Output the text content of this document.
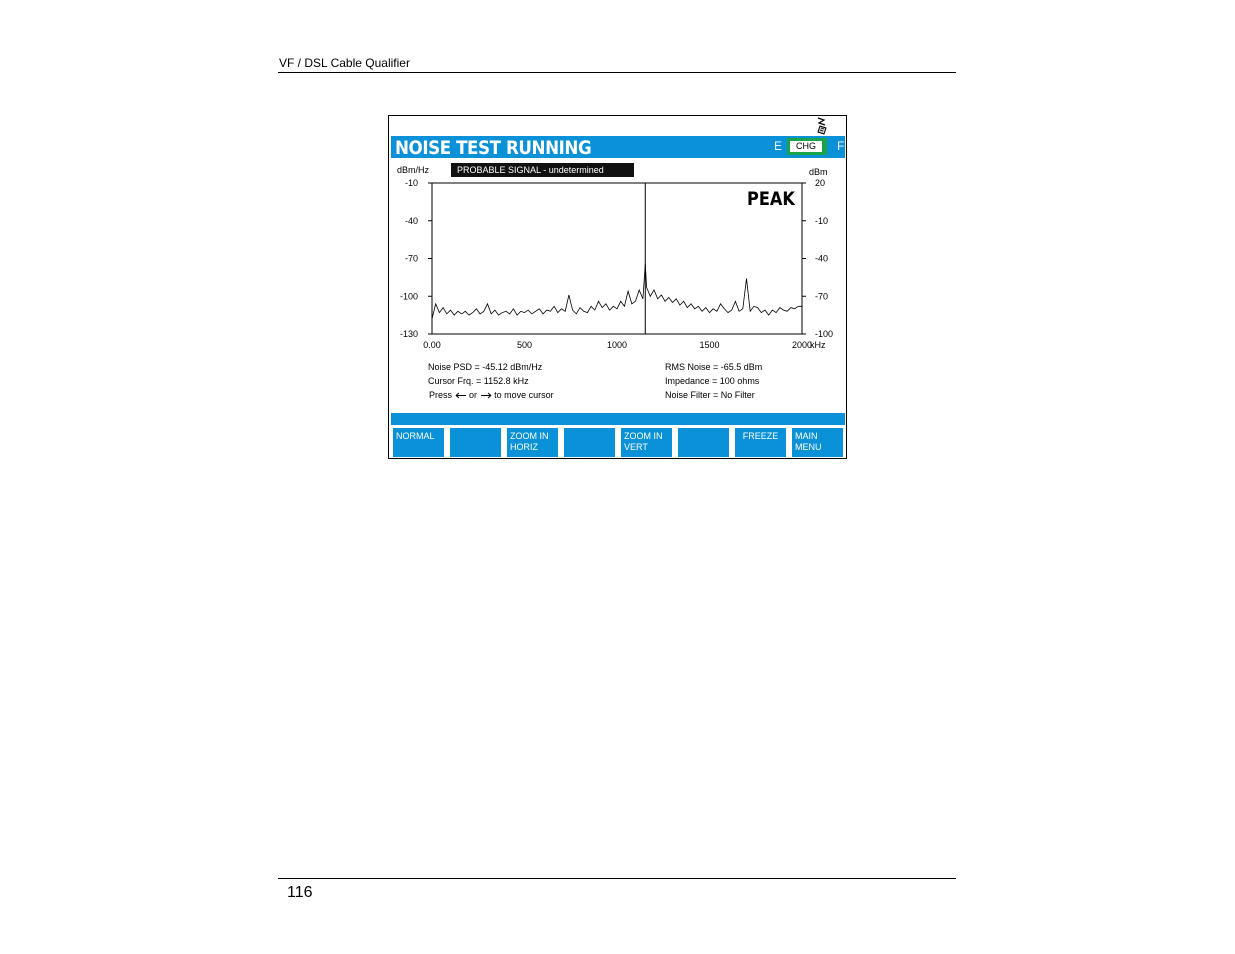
VF / DSL Cable Qualifier
NOISE TEST RUNNING	E	CHG	F
dBm/Hz	PROBABLE SIGNAL - undetermined	dBm
-10
-40
-70
-100
-130
20
-10
-40
-70
-100
0.00	500	1000	1500	2000
kHz
PEAK
Noise PSD = -45.12 dBm/Hz
Cursor Frq. = 1152.8 kHz
Press or to move cursor
RMS Noise = -65.5 dBm
Impedance = 100 ohms
Noise Filter = No Filter
NORMAL	ZOOM IN
HORIZ
ZOOM IN
VERT
FREEZE	MAIN
MENU
116
